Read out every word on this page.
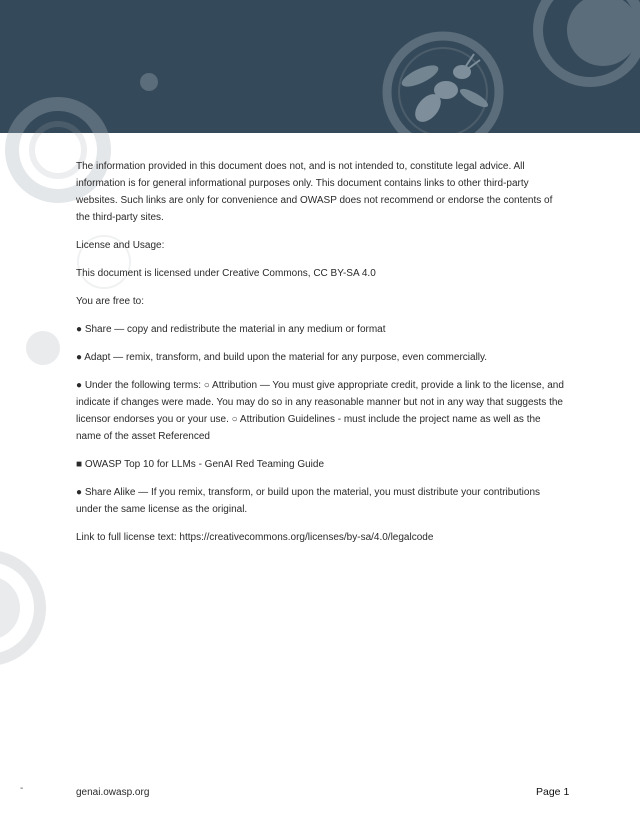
The information provided in this document does not, and is not intended to, constitute legal advice. All information is for general informational purposes only. This document contains links to other third-party websites. Such links are only for convenience and OWASP does not recommend or endorse the contents of the third-party sites.

License and Usage:

This document is licensed under Creative Commons, CC BY-SA 4.0

You are free to:

● Share — copy and redistribute the material in any medium or format

● Adapt — remix, transform, and build upon the material for any purpose, even commercially.

● Under the following terms: ○ Attribution — You must give appropriate credit, provide a link to the license, and indicate if changes were made. You may do so in any reasonable manner but not in any way that suggests the licensor endorses you or your use. ○ Attribution Guidelines - must include the project name as well as the name of the asset Referenced

■ OWASP Top 10 for LLMs - GenAI Red Teaming Guide

● Share Alike — If you remix, transform, or build upon the material, you must distribute your contributions under the same license as the original.

Link to full license text: https://creativecommons.org/licenses/by-sa/4.0/legalcode

-	genai.owasp.org	Page 1
